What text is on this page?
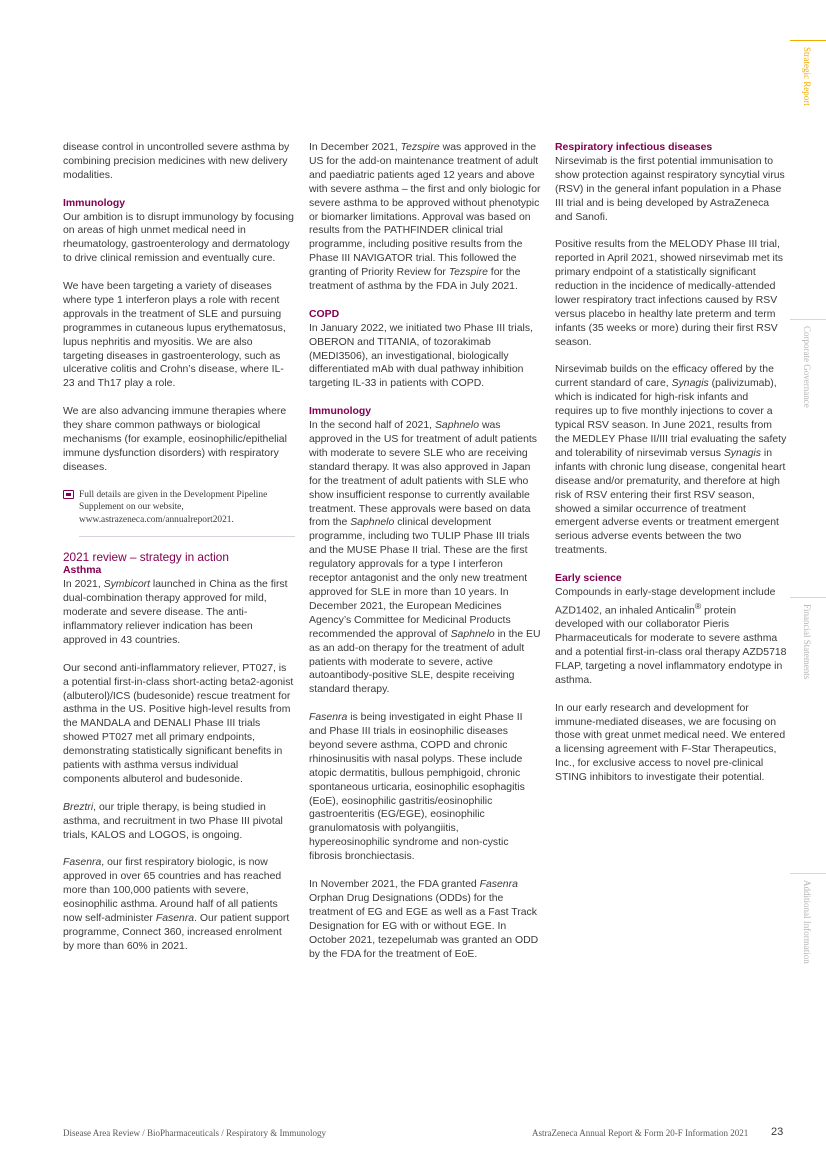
Strategic Report
Corporate Governance
Financial Statements
Additional Information

disease control in uncontrolled severe asthma by combining precision medicines with new delivery modalities.

Immunology

Our ambition is to disrupt immunology by focusing on areas of high unmet medical need in rheumatology, gastroenterology and dermatology to drive clinical remission and eventually cure.

We have been targeting a variety of diseases where type 1 interferon plays a role with recent approvals in the treatment of SLE and pursuing programmes in cutaneous lupus erythematosus, lupus nephritis and myositis. We are also targeting diseases in gastroenterology, such as ulcerative colitis and Crohn’s disease, where IL-23 and Th17 play a role.

We are also advancing immune therapies where they share common pathways or biological mechanisms (for example, eosinophilic/epithelial immune dysfunction disorders) with respiratory diseases.

Full details are given in the Development Pipeline Supplement on our website, www.astrazeneca.com/annualreport2021.

2021 review – strategy in action

Asthma

In 2021, Symbicort launched in China as the first dual-combination therapy approved for mild, moderate and severe disease. The anti-inflammatory reliever indication has been approved in 43 countries.

Our second anti-inflammatory reliever, PT027, is a potential first-in-class short-acting beta2-agonist (albuterol)/ICS (budesonide) rescue treatment for asthma in the US. Positive high-level results from the MANDALA and DENALI Phase III trials showed PT027 met all primary endpoints, demonstrating statistically significant benefits in patients with asthma versus individual components albuterol and budesonide.

Breztri, our triple therapy, is being studied in asthma, and recruitment in two Phase III pivotal trials, KALOS and LOGOS, is ongoing.

Fasenra, our first respiratory biologic, is now approved in over 65 countries and has reached more than 100,000 patients with severe, eosinophilic asthma. Around half of all patients now self-administer Fasenra. Our patient support programme, Connect 360, increased enrolment by more than 60% in 2021.

In December 2021, Tezspire was approved in the US for the add-on maintenance treatment of adult and paediatric patients aged 12 years and above with severe asthma – the first and only biologic for severe asthma to be approved without phenotypic or biomarker limitations. Approval was based on results from the PATHFINDER clinical trial programme, including positive results from the Phase III NAVIGATOR trial. This followed the granting of Priority Review for Tezspire for the treatment of asthma by the FDA in July 2021.

COPD

In January 2022, we initiated two Phase III trials, OBERON and TITANIA, of tozorakimab (MEDI3506), an investigational, biologically differentiated mAb with dual pathway inhibition targeting IL-33 in patients with COPD.

Immunology

In the second half of 2021, Saphnelo was approved in the US for treatment of adult patients with moderate to severe SLE who are receiving standard therapy. It was also approved in Japan for the treatment of adult patients with SLE who show insufficient response to currently available treatment. These approvals were based on data from the Saphnelo clinical development programme, including two TULIP Phase III trials and the MUSE Phase II trial. These are the first regulatory approvals for a type I interferon receptor antagonist and the only new treatment approved for SLE in more than 10 years. In December 2021, the European Medicines Agency’s Committee for Medicinal Products recommended the approval of Saphnelo in the EU as an add-on therapy for the treatment of adult patients with moderate to severe, active autoantibody-positive SLE, despite receiving standard therapy.

Fasenra is being investigated in eight Phase II and Phase III trials in eosinophilic diseases beyond severe asthma, COPD and chronic rhinosinusitis with nasal polyps. These include atopic dermatitis, bullous pemphigoid, chronic spontaneous urticaria, eosinophilic esophagitis (EoE), eosinophilic gastritis/eosinophilic gastroenteritis (EG/EGE), eosinophilic granulomatosis with polyangiitis, hypereosinophilic syndrome and non-cystic fibrosis bronchiectasis.

In November 2021, the FDA granted Fasenra Orphan Drug Designations (ODDs) for the treatment of EG and EGE as well as a Fast Track Designation for EG with or without EGE. In October 2021, tezepelumab was granted an ODD by the FDA for the treatment of EoE.

Respiratory infectious diseases

Nirsevimab is the first potential immunisation to show protection against respiratory syncytial virus (RSV) in the general infant population in a Phase III trial and is being developed by AstraZeneca and Sanofi.

Positive results from the MELODY Phase III trial, reported in April 2021, showed nirsevimab met its primary endpoint of a statistically significant reduction in the incidence of medically-attended lower respiratory tract infections caused by RSV versus placebo in healthy late preterm and term infants (35 weeks or more) during their first RSV season.

Nirsevimab builds on the efficacy offered by the current standard of care, Synagis (palivizumab), which is indicated for high-risk infants and requires up to five monthly injections to cover a typical RSV season. In June 2021, results from the MEDLEY Phase II/III trial evaluating the safety and tolerability of nirsevimab versus Synagis in infants with chronic lung disease, congenital heart disease and/or prematurity, and therefore at high risk of RSV entering their first RSV season, showed a similar occurrence of treatment emergent adverse events or treatment emergent serious adverse events between the two treatments.

Early science

Compounds in early-stage development include AZD1402, an inhaled Anticalin® protein developed with our collaborator Pieris Pharmaceuticals for moderate to severe asthma and a potential first-in-class oral therapy AZD5718 FLAP, targeting a novel inflammatory endotype in asthma.

In our early research and development for immune-mediated diseases, we are focusing on those with great unmet medical need. We entered a licensing agreement with F-Star Therapeutics, Inc., for exclusive access to novel pre-clinical STING inhibitors to investigate their potential.

Disease Area Review / BioPharmaceuticals / Respiratory & Immunology	AstraZeneca Annual Report & Form 20-F Information 2021 23
